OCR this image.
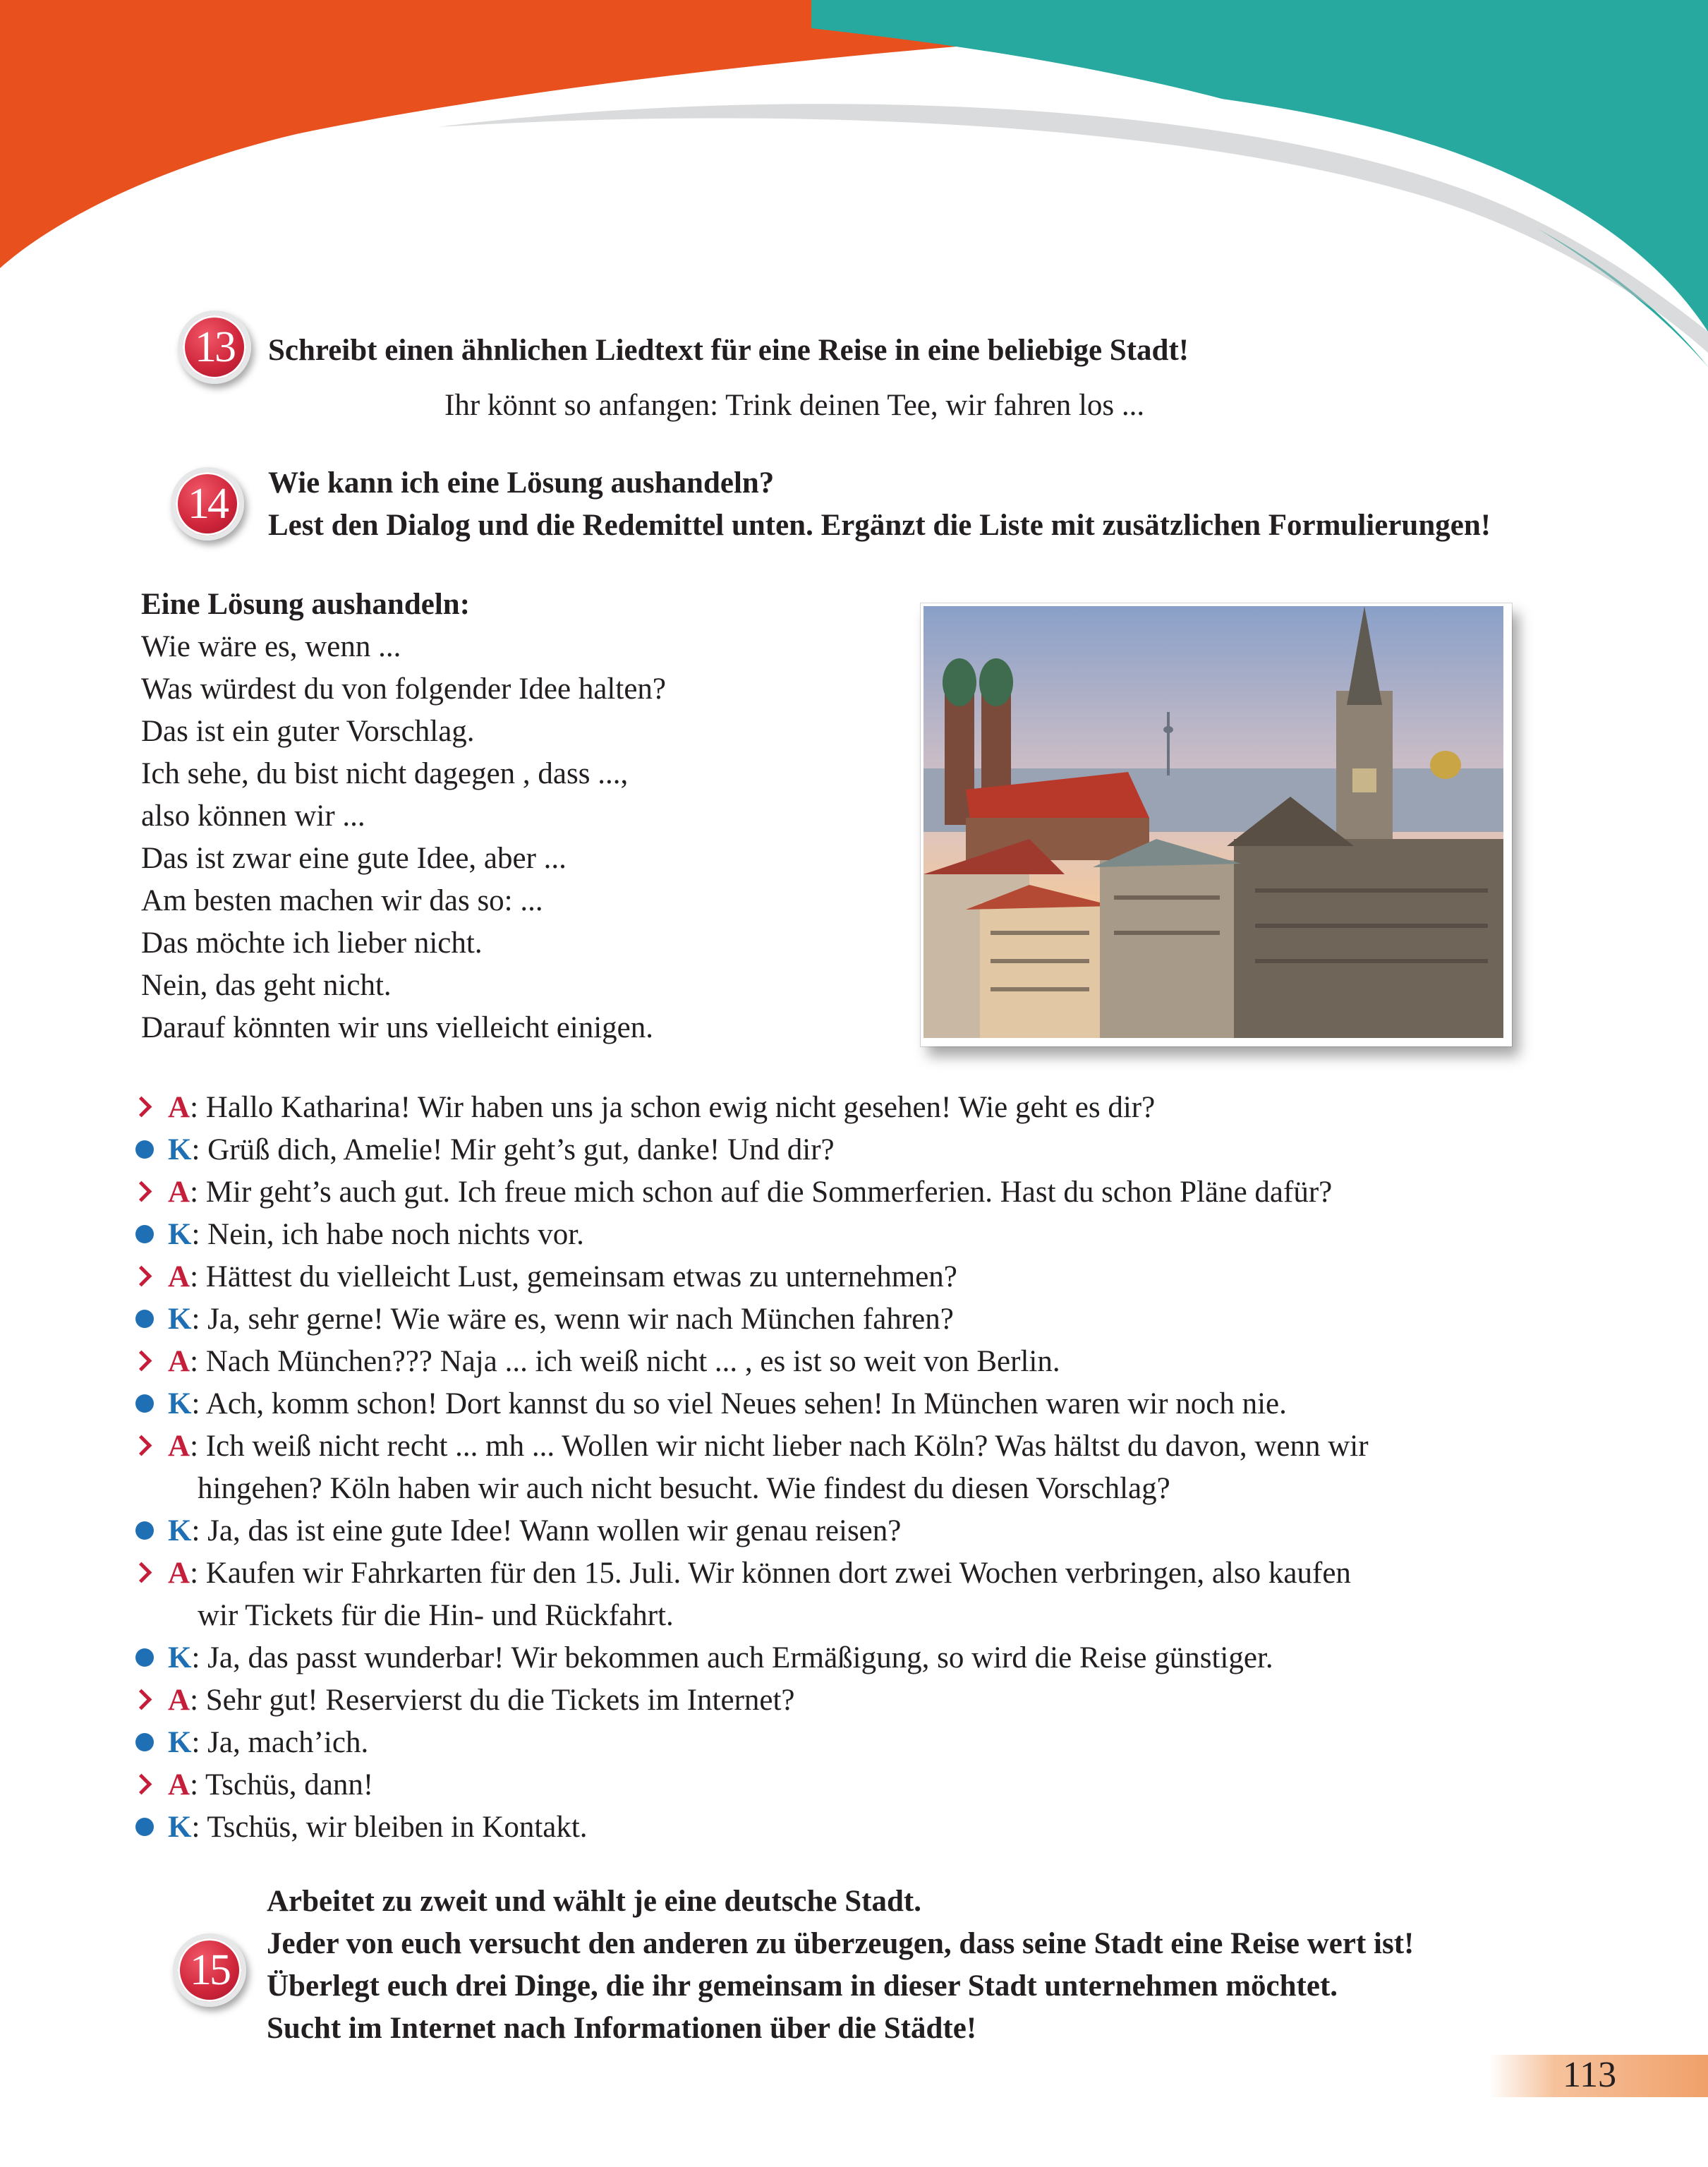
13 Schreibt einen ähnlichen Liedtext für eine Reise in eine beliebige Stadt!
Ihr könnt so anfangen: Trink deinen Tee, wir fahren los ...
14 Wie kann ich eine Lösung aushandeln?
Lest den Dialog und die Redemittel unten. Ergänzt die Liste mit zusätzlichen Formulierungen!
Eine Lösung aushandeln:
Wie wäre es, wenn ...
Was würdest du von folgender Idee halten?
Das ist ein guter Vorschlag.
Ich sehe, du bist nicht dagegen , dass ...,
also können wir ...
Das ist zwar eine gute Idee, aber ...
Am besten machen wir das so: ...
Das möchte ich lieber nicht.
Nein, das geht nicht.
Darauf könnten wir uns vielleicht einigen.
A: Hallo Katharina! Wir haben uns ja schon ewig nicht gesehen! Wie geht es dir?
K: Grüß dich, Amelie! Mir geht’s gut, danke! Und dir?
A: Mir geht’s auch gut. Ich freue mich schon auf die Sommerferien. Hast du schon Pläne dafür?
K: Nein, ich habe noch nichts vor.
A: Hättest du vielleicht Lust, gemeinsam etwas zu unternehmen?
K: Ja, sehr gerne! Wie wäre es, wenn wir nach München fahren?
A: Nach München??? Naja ... ich weiß nicht ... , es ist so weit von Berlin.
K: Ach, komm schon! Dort kannst du so viel Neues sehen! In München waren wir noch nie.
A: Ich weiß nicht recht ... mh ... Wollen wir nicht lieber nach Köln? Was hältst du davon, wenn wir
hingehen? Köln haben wir auch nicht besucht. Wie findest du diesen Vorschlag?
K: Ja, das ist eine gute Idee! Wann wollen wir genau reisen?
A: Kaufen wir Fahrkarten für den 15. Juli. Wir können dort zwei Wochen verbringen, also kaufen
wir Tickets für die Hin- und Rückfahrt.
K: Ja, das passt wunderbar! Wir bekommen auch Ermäßigung, so wird die Reise günstiger.
A: Sehr gut! Reservierst du die Tickets im Internet?
K: Ja, mach’ich.
A: Tschüs, dann!
K: Tschüs, wir bleiben in Kontakt.
15
Arbeitet zu zweit und wählt je eine deutsche Stadt.
Jeder von euch versucht den anderen zu überzeugen, dass seine Stadt eine Reise wert ist!
Überlegt euch drei Dinge, die ihr gemeinsam in dieser Stadt unternehmen möchtet.
Sucht im Internet nach Informationen über die Städte!
113
